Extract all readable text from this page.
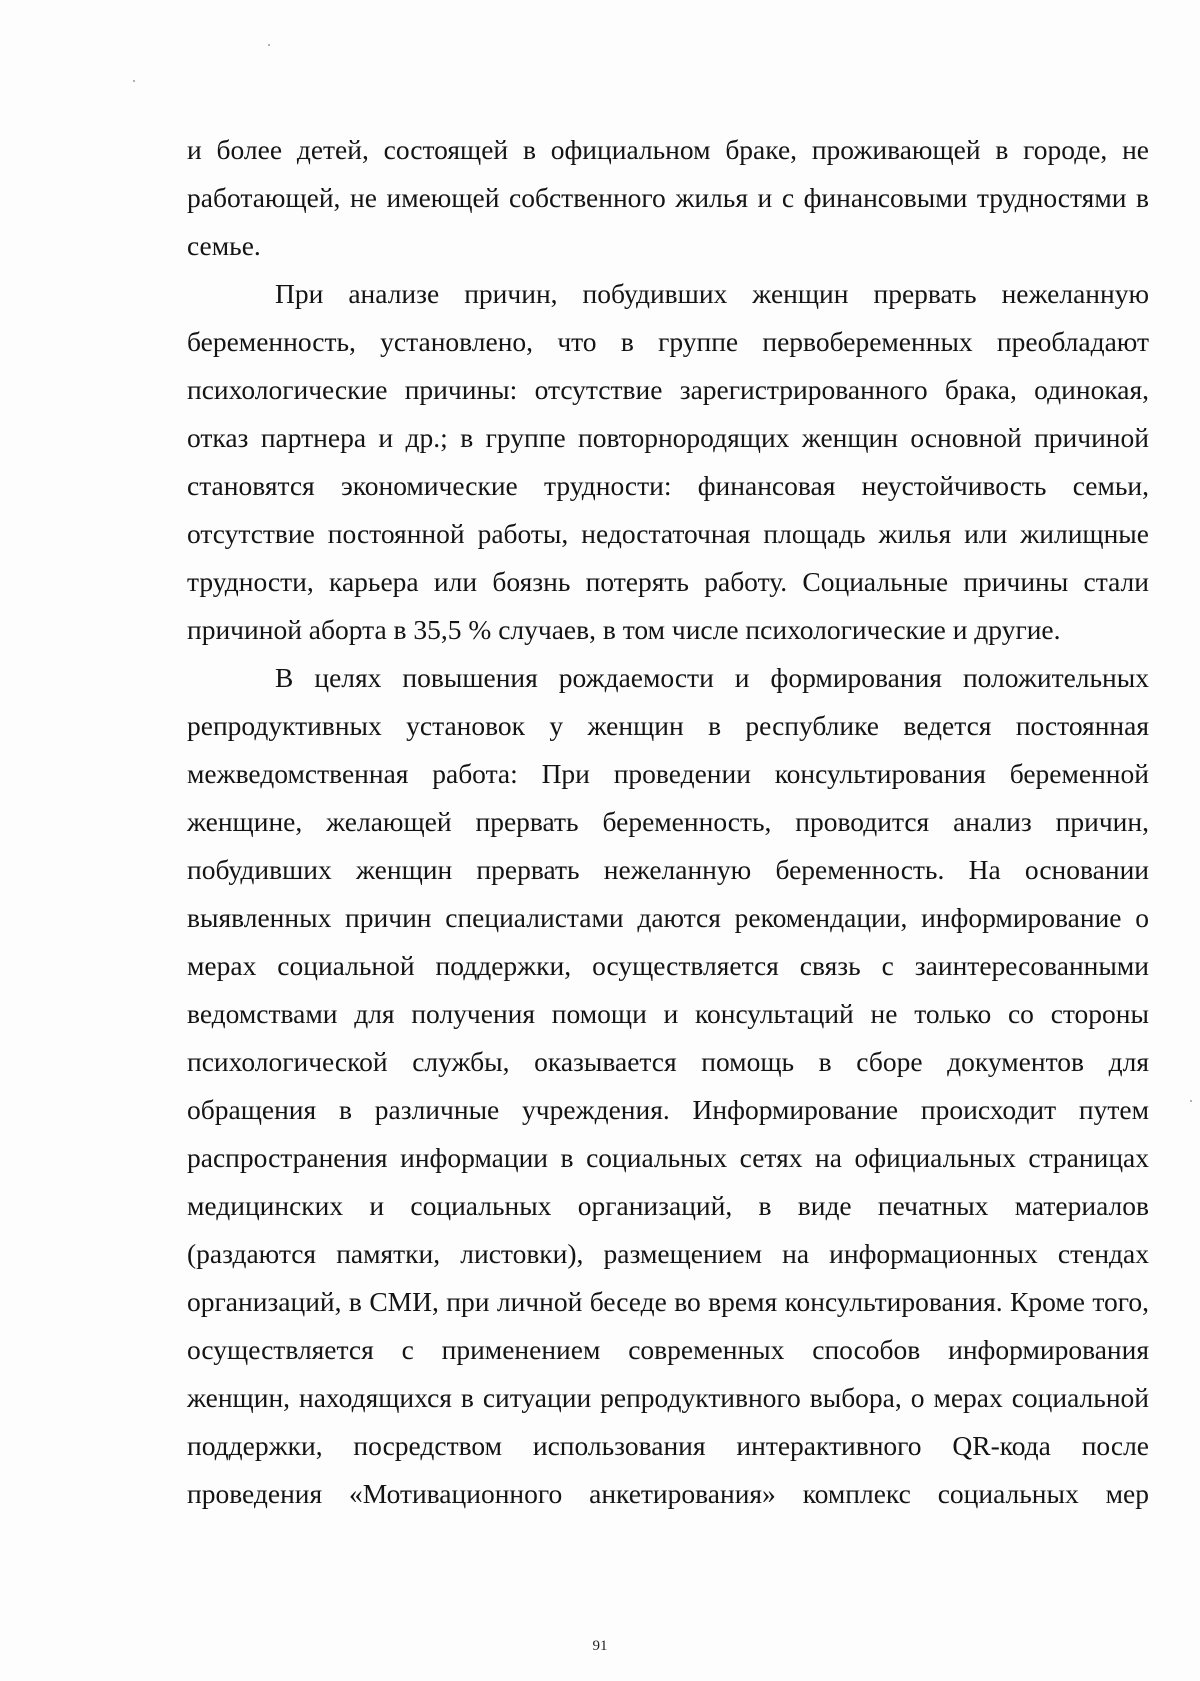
и более детей, состоящей в официальном браке, проживающей в городе, не
работающей, не имеющей собственного жилья и с финансовыми трудностями в
семье.
При анализе причин, побудивших женщин прервать нежеланную
беременность, установлено, что в группе первобеременных преобладают
психологические причины: отсутствие зарегистрированного брака, одинокая,
отказ партнера и др.; в группе повторнородящих женщин основной причиной
становятся экономические трудности: финансовая неустойчивость семьи,
отсутствие постоянной работы, недостаточная площадь жилья или жилищные
трудности, карьера или боязнь потерять работу. Социальные причины стали
причиной аборта в 35,5 % случаев, в том числе психологические и другие.
В целях повышения рождаемости и формирования положительных
репродуктивных установок у женщин в республике ведется постоянная
межведомственная работа: При проведении консультирования беременной
женщине, желающей прервать беременность, проводится анализ причин,
побудивших женщин прервать нежеланную беременность. На основании
выявленных причин специалистами даются рекомендации, информирование о
мерах социальной поддержки, осуществляется связь с заинтересованными
ведомствами для получения помощи и консультаций не только со стороны
психологической службы, оказывается помощь в сборе документов для
обращения в различные учреждения. Информирование происходит путем
распространения информации в социальных сетях на официальных страницах
медицинских и социальных организаций, в виде печатных материалов
(раздаются памятки, листовки), размещением на информационных стендах
организаций, в СМИ, при личной беседе во время консультирования. Кроме того,
осуществляется с применением современных способов информирования
женщин, находящихся в ситуации репродуктивного выбора, о мерах социальной
поддержки, посредством использования интерактивного QR-кода после
проведения «Мотивационного анкетирования» комплекс социальных мер
91
